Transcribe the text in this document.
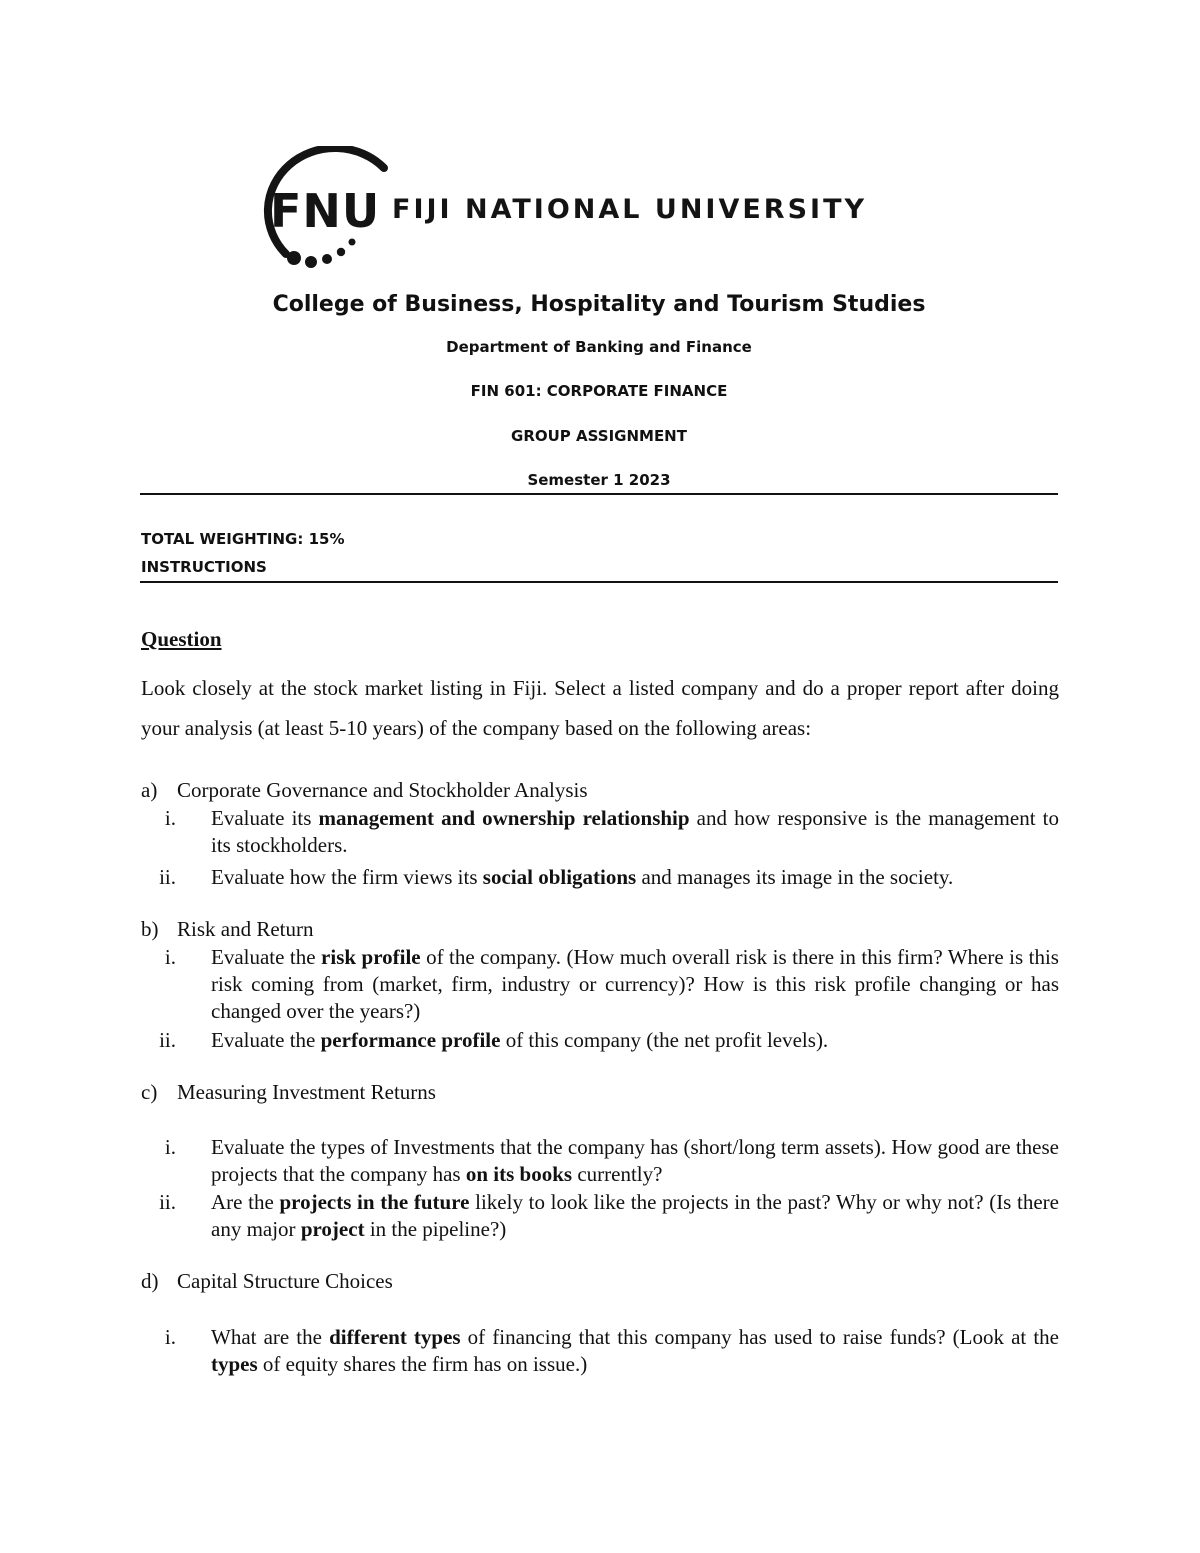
FNU FIJI NATIONAL UNIVERSITY
College of Business, Hospitality and Tourism Studies
Department of Banking and Finance
FIN 601: CORPORATE FINANCE
GROUP ASSIGNMENT
Semester 1 2023
TOTAL WEIGHTING: 15%
INSTRUCTIONS
Question
Look closely at the stock market listing in Fiji. Select a listed company and do a proper report after doing your analysis (at least 5-10 years) of the company based on the following areas:
a) Corporate Governance and Stockholder Analysis
i. Evaluate its management and ownership relationship and how responsive is the management to its stockholders.
ii. Evaluate how the firm views its social obligations and manages its image in the society.
b) Risk and Return
i. Evaluate the risk profile of the company. (How much overall risk is there in this firm? Where is this risk coming from (market, firm, industry or currency)? How is this risk profile changing or has changed over the years?)
ii. Evaluate the performance profile of this company (the net profit levels).
c) Measuring Investment Returns
i. Evaluate the types of Investments that the company has (short/long term assets). How good are these projects that the company has on its books currently?
ii. Are the projects in the future likely to look like the projects in the past? Why or why not? (Is there any major project in the pipeline?)
d) Capital Structure Choices
i. What are the different types of financing that this company has used to raise funds? (Look at the types of equity shares the firm has on issue.)
